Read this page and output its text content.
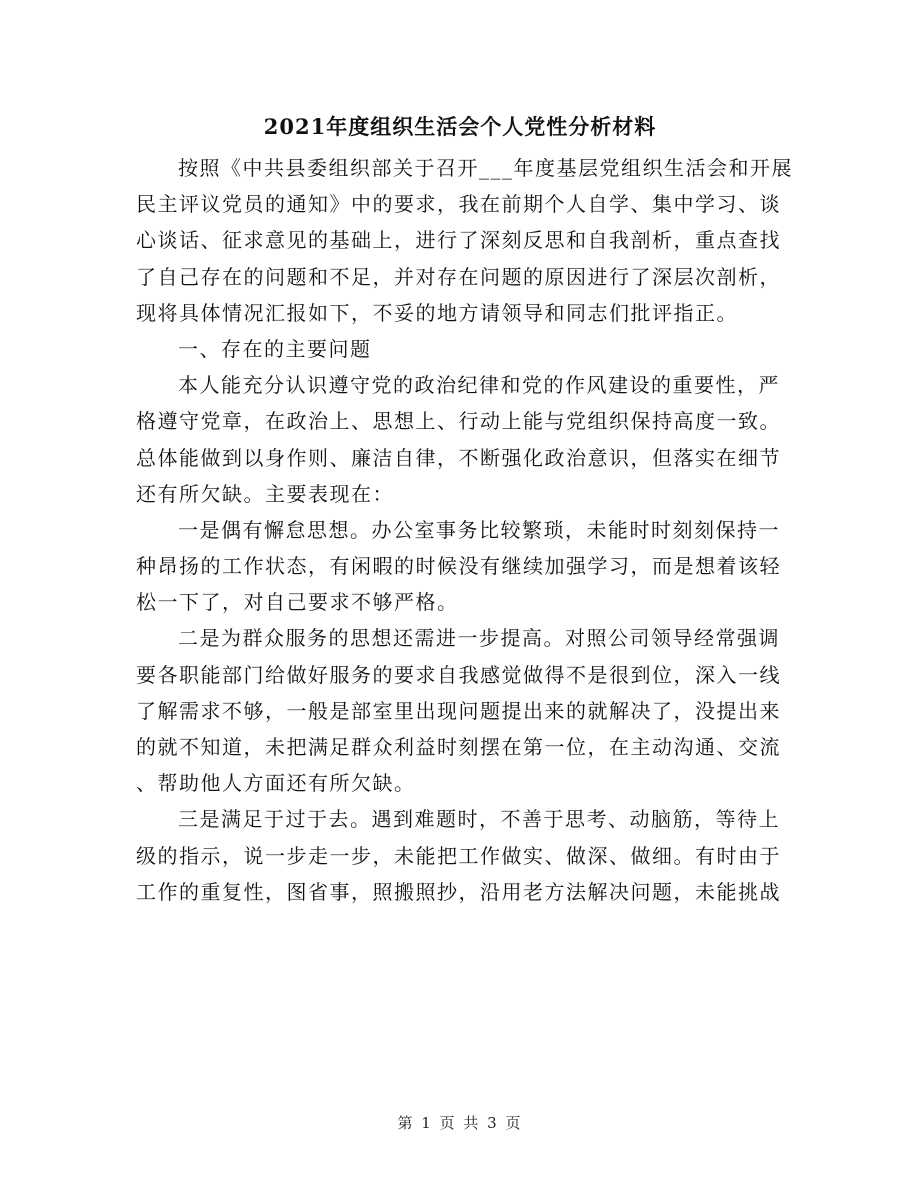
2021年度组织生活会个人党性分析材料
按照《中共县委组织部关于召开___年度基层党组织生活会和开展
民主评议党员的通知》中的要求，我在前期个人自学、集中学习、谈
心谈话、征求意见的基础上，进行了深刻反思和自我剖析，重点查找
了自己存在的问题和不足，并对存在问题的原因进行了深层次剖析，
现将具体情况汇报如下，不妥的地方请领导和同志们批评指正。
一、存在的主要问题
本人能充分认识遵守党的政治纪律和党的作风建设的重要性，严
格遵守党章，在政治上、思想上、行动上能与党组织保持高度一致。
总体能做到以身作则、廉洁自律，不断强化政治意识，但落实在细节
还有所欠缺。主要表现在：
一是偶有懈怠思想。办公室事务比较繁琐，未能时时刻刻保持一
种昂扬的工作状态，有闲暇的时候没有继续加强学习，而是想着该轻
松一下了，对自己要求不够严格。
二是为群众服务的思想还需进一步提高。对照公司领导经常强调
要各职能部门给做好服务的要求自我感觉做得不是很到位，深入一线
了解需求不够，一般是部室里出现问题提出来的就解决了，没提出来
的就不知道，未把满足群众利益时刻摆在第一位，在主动沟通、交流
、帮助他人方面还有所欠缺。
三是满足于过于去。遇到难题时，不善于思考、动脑筋，等待上
级的指示，说一步走一步，未能把工作做实、做深、做细。有时由于
工作的重复性，图省事，照搬照抄，沿用老方法解决问题，未能挑战
第 1 页 共 3 页
